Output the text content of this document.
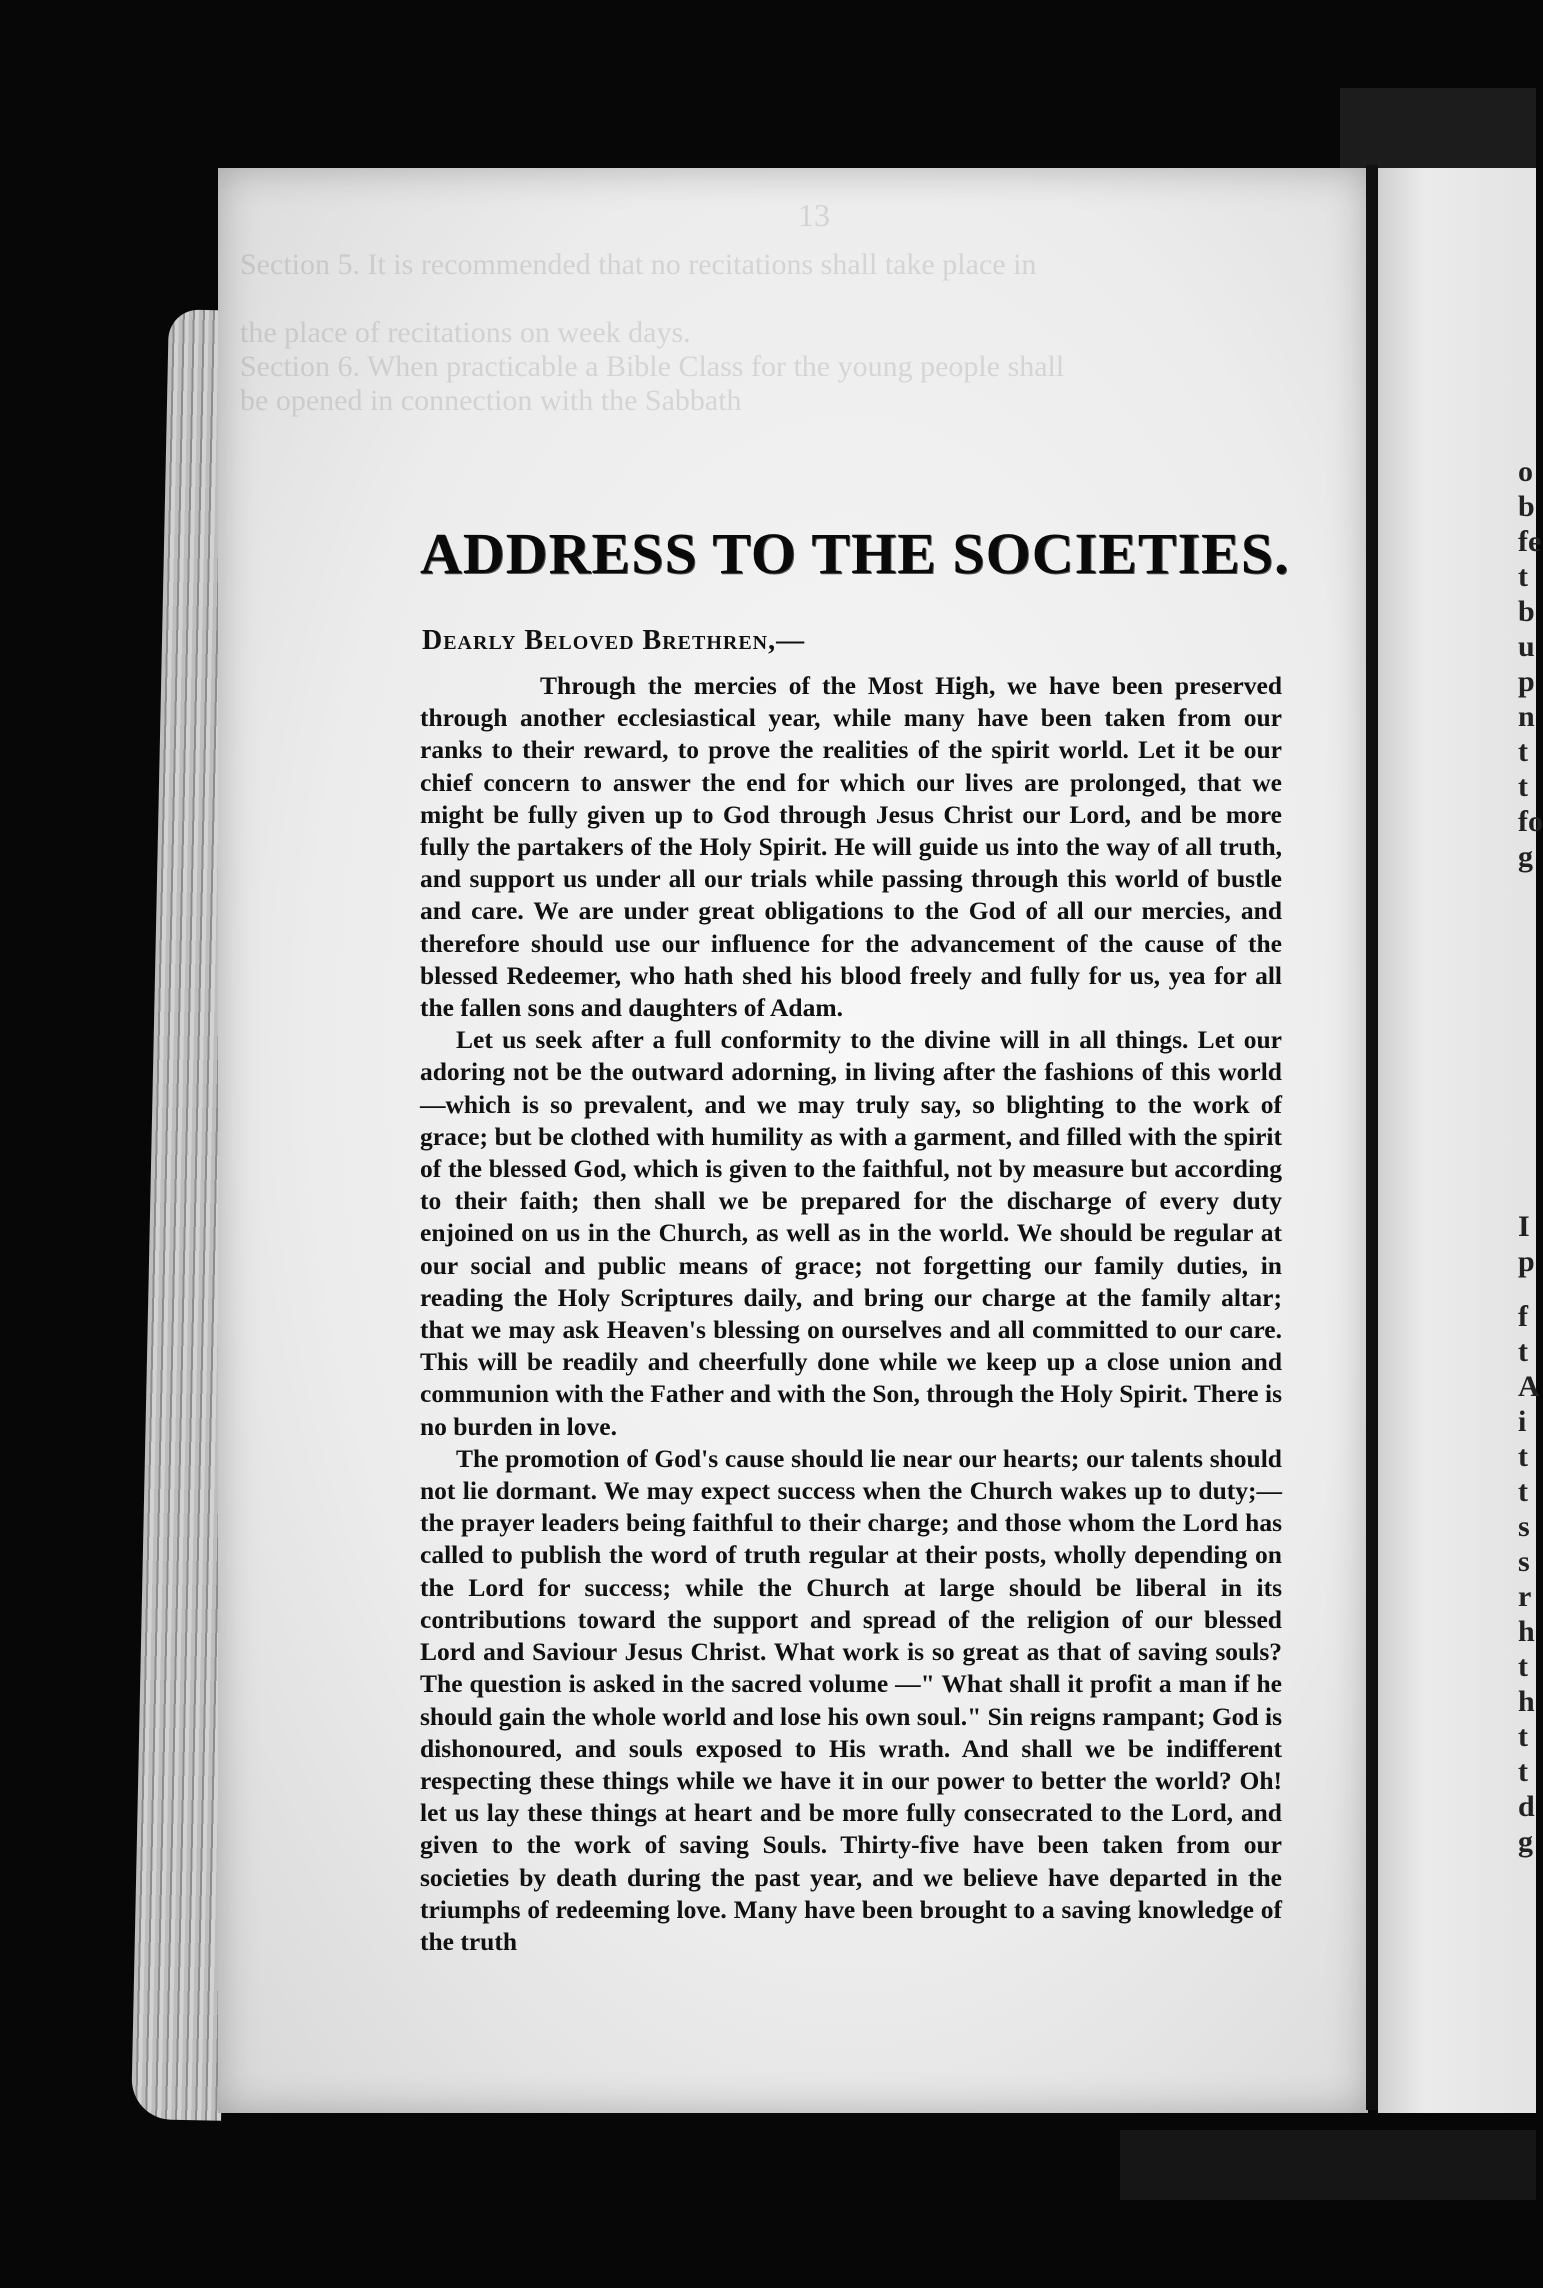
13
Section 5. It is recommended that no recitations shall take place in
the place of recitations on week days.
Section 6. When practicable a Bible Class for the young people shall
be opened in connection with the Sabbath
o
b
fe
t
b
u
p
n
t
t
fo
g
I
p
f
t
A
i
t
t
s
s
r
h
t
h
t
t
d
g
ADDRESS TO THE SOCIETIES.
Dearly Beloved Brethren,—

Through the mercies of the Most High, we have been preserved through another ecclesiastical year, while many have been taken from our ranks to their reward, to prove the realities of the spirit world. Let it be our chief concern to answer the end for which our lives are prolonged, that we might be fully given up to God through Jesus Christ our Lord, and be more fully the partakers of the Holy Spirit. He will guide us into the way of all truth, and support us under all our trials while passing through this world of bustle and care. We are under great obligations to the God of all our mercies, and therefore should use our influence for the advancement of the cause of the blessed Redeemer, who hath shed his blood freely and fully for us, yea for all the fallen sons and daughters of Adam.

Let us seek after a full conformity to the divine will in all things. Let our adoring not be the outward adorning, in living after the fashions of this world—which is so prevalent, and we may truly say, so blighting to the work of grace; but be clothed with humility as with a garment, and filled with the spirit of the blessed God, which is given to the faithful, not by measure but according to their faith; then shall we be prepared for the discharge of every duty enjoined on us in the Church, as well as in the world. We should be regular at our social and public means of grace; not forgetting our family duties, in reading the Holy Scriptures daily, and bring our charge at the family altar; that we may ask Heaven's blessing on ourselves and all committed to our care. This will be readily and cheerfully done while we keep up a close union and communion with the Father and with the Son, through the Holy Spirit. There is no burden in love.

The promotion of God's cause should lie near our hearts; our talents should not lie dormant. We may expect success when the Church wakes up to duty;—the prayer leaders being faithful to their charge; and those whom the Lord has called to publish the word of truth regular at their posts, wholly depending on the Lord for success; while the Church at large should be liberal in its contributions toward the support and spread of the religion of our blessed Lord and Saviour Jesus Christ. What work is so great as that of saving souls? The question is asked in the sacred volume —" What shall it profit a man if he should gain the whole world and lose his own soul." Sin reigns rampant; God is dishonoured, and souls exposed to His wrath. And shall we be indifferent respecting these things while we have it in our power to better the world? Oh! let us lay these things at heart and be more fully consecrated to the Lord, and given to the work of saving Souls. Thirty-five have been taken from our societies by death during the past year, and we believe have departed in the triumphs of redeeming love. Many have been brought to a saving knowledge of the truth
